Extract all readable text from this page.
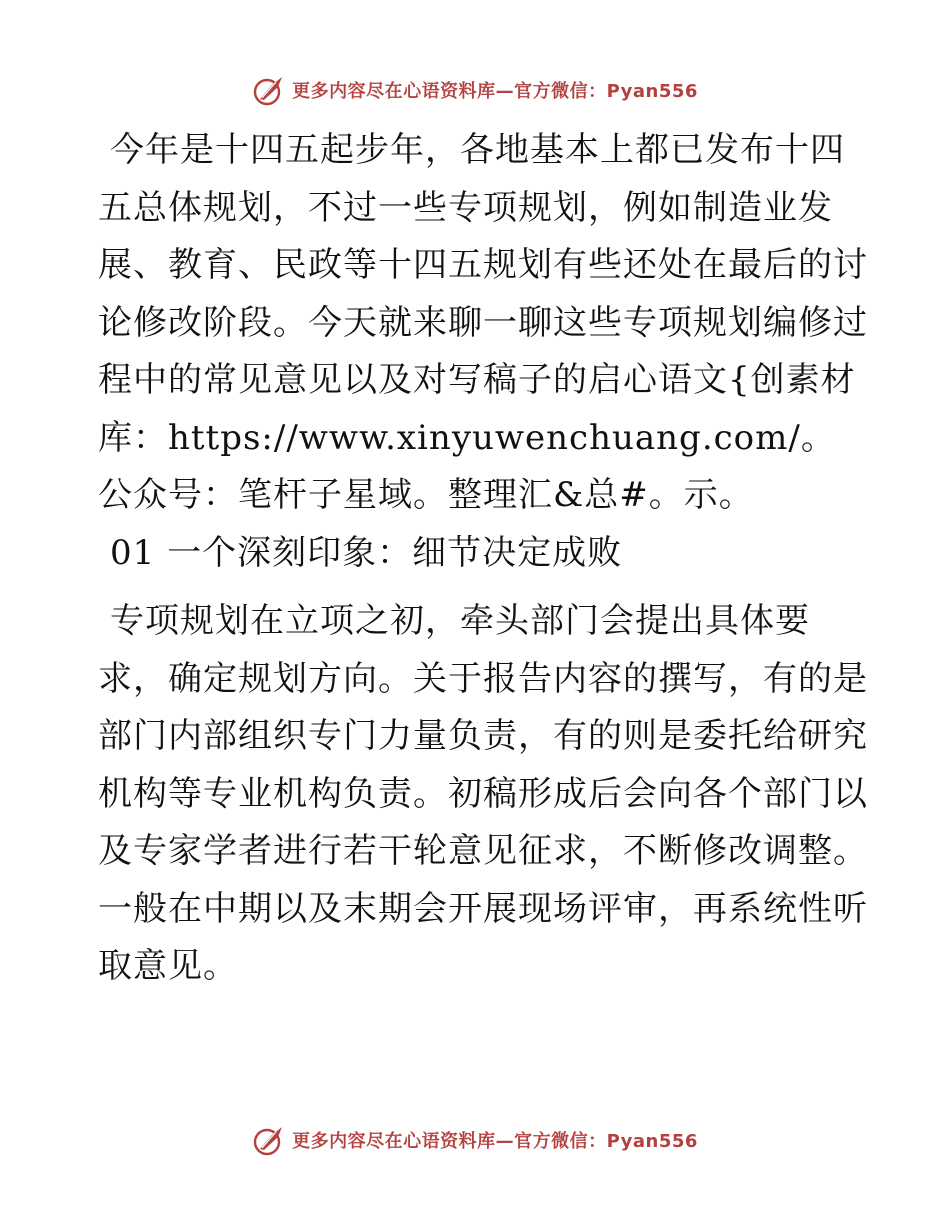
更多内容尽在心语资料库—官方微信：Pyan556

今年是十四五起步年，各地基本上都已发布十四五总体规划，不过一些专项规划，例如制造业发展、教育、民政等十四五规划有些还处在最后的讨论修改阶段。今天就来聊一聊这些专项规划编修过程中的常见意见以及对写稿子的启心语文{创素材库：https://www.xinyuwenchuang.com/。公众号：笔杆子星域。整理汇&总#。示。

01 一个深刻印象：细节决定成败

专项规划在立项之初，牵头部门会提出具体要求，确定规划方向。关于报告内容的撰写，有的是部门内部组织专门力量负责，有的则是委托给研究机构等专业机构负责。初稿形成后会向各个部门以及专家学者进行若干轮意见征求，不断修改调整。一般在中期以及末期会开展现场评审，再系统性听取意见。

更多内容尽在心语资料库—官方微信：Pyan556
